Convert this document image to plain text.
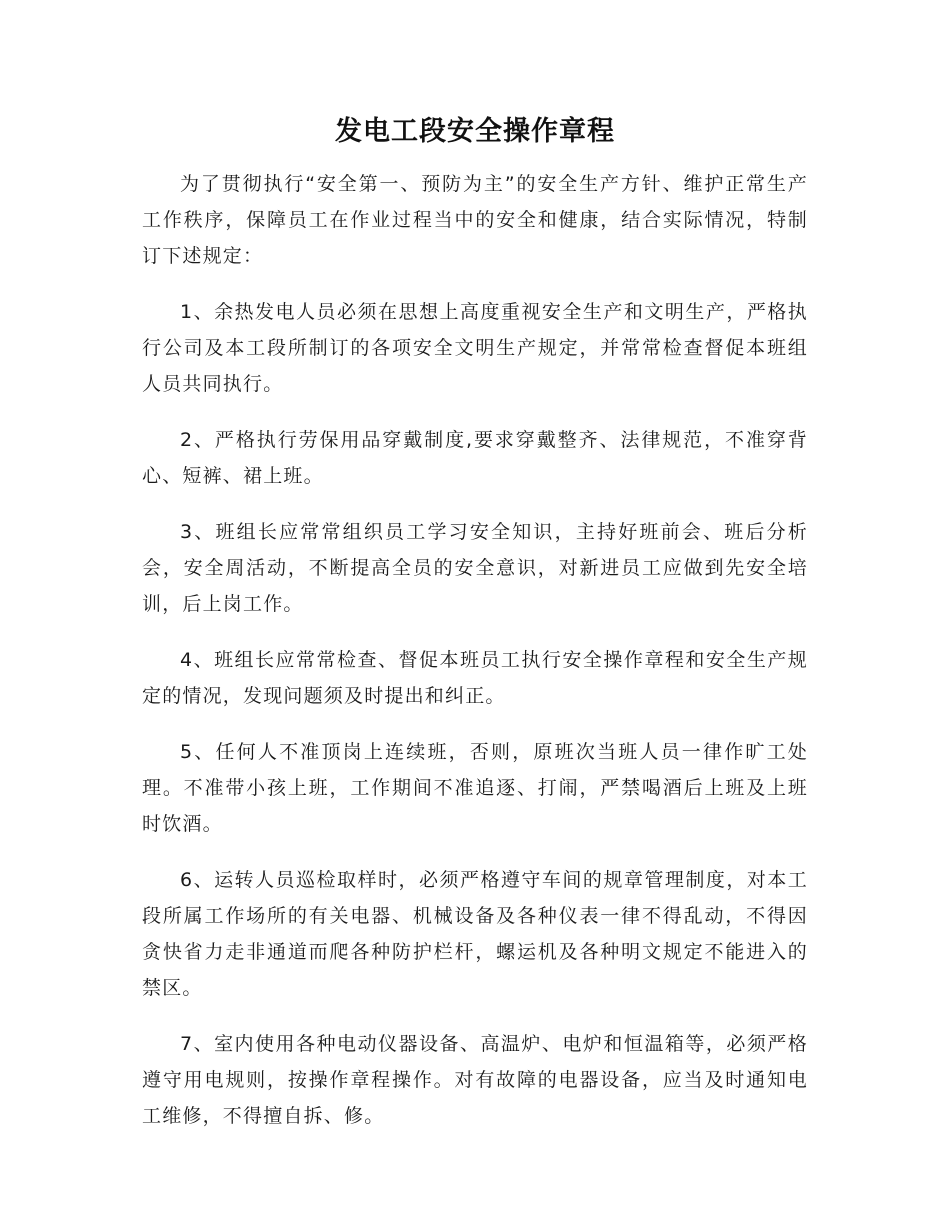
发电工段安全操作章程

为了贯彻执行“安全第一、预防为主”的安全生产方针、维护正常生产工作秩序，保障员工在作业过程当中的安全和健康，结合实际情况，特制订下述规定：

1、余热发电人员必须在思想上高度重视安全生产和文明生产，严格执行公司及本工段所制订的各项安全文明生产规定，并常常检查督促本班组人员共同执行。

2、严格执行劳保用品穿戴制度,要求穿戴整齐、法律规范，不准穿背心、短裤、裙上班。

3、班组长应常常组织员工学习安全知识，主持好班前会、班后分析会，安全周活动，不断提高全员的安全意识，对新进员工应做到先安全培训，后上岗工作。

4、班组长应常常检查、督促本班员工执行安全操作章程和安全生产规定的情况，发现问题须及时提出和纠正。

5、任何人不准顶岗上连续班，否则，原班次当班人员一律作旷工处理。不准带小孩上班，工作期间不准追逐、打闹，严禁喝酒后上班及上班时饮酒。

6、运转人员巡检取样时，必须严格遵守车间的规章管理制度，对本工段所属工作场所的有关电器、机械设备及各种仪表一律不得乱动，不得因贪快省力走非通道而爬各种防护栏杆，螺运机及各种明文规定不能进入的禁区。

7、室内使用各种电动仪器设备、高温炉、电炉和恒温箱等，必须严格遵守用电规则，按操作章程操作。对有故障的电器设备，应当及时通知电工维修，不得擅自拆、修。
